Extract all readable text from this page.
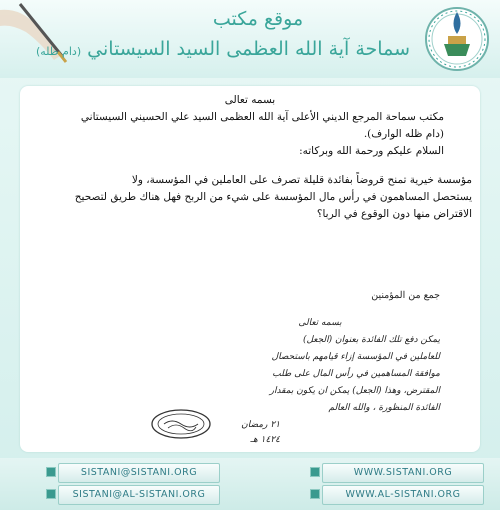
موقع مكتب
سماحة آية الله العظمى السيد السيستاني (دام ظله)
بسمه تعالى
مكتب سماحة المرجع الديني الأعلى آية الله العظمى السيد علي الحسيني السيستاني
(دام ظله الوارف).
السلام عليكم ورحمة الله وبركاته:
مؤسسة خيرية تمنح قروضاً بفائدة قليلة تصرف على العاملين في المؤسسة، ولا
يستحصل المساهمون في رأس مال المؤسسة على شيء من الربح فهل هناك طريق لتصحيح
الاقتراض منها دون الوقوع في الربا؟
جمع من المؤمنين
بسمه تعالى
يمكن دفع تلك الفائدة بعنوان (الجعل)
للعاملين في المؤسسة إزاء قيامهم باستحصال
موافقة المساهمين في رأس المال على طلب
المقترض، وهذا (الجعل) يمكن ان يكون بمقدار
الفائدة المنظورة ، والله العالم
٢١ رمضان
١٤٢٤ هـ
SISTANI@SISTANI.ORG	WWW.SISTANI.ORG
SISTANI@AL-SISTANI.ORG	WWW.AL-SISTANI.ORG
